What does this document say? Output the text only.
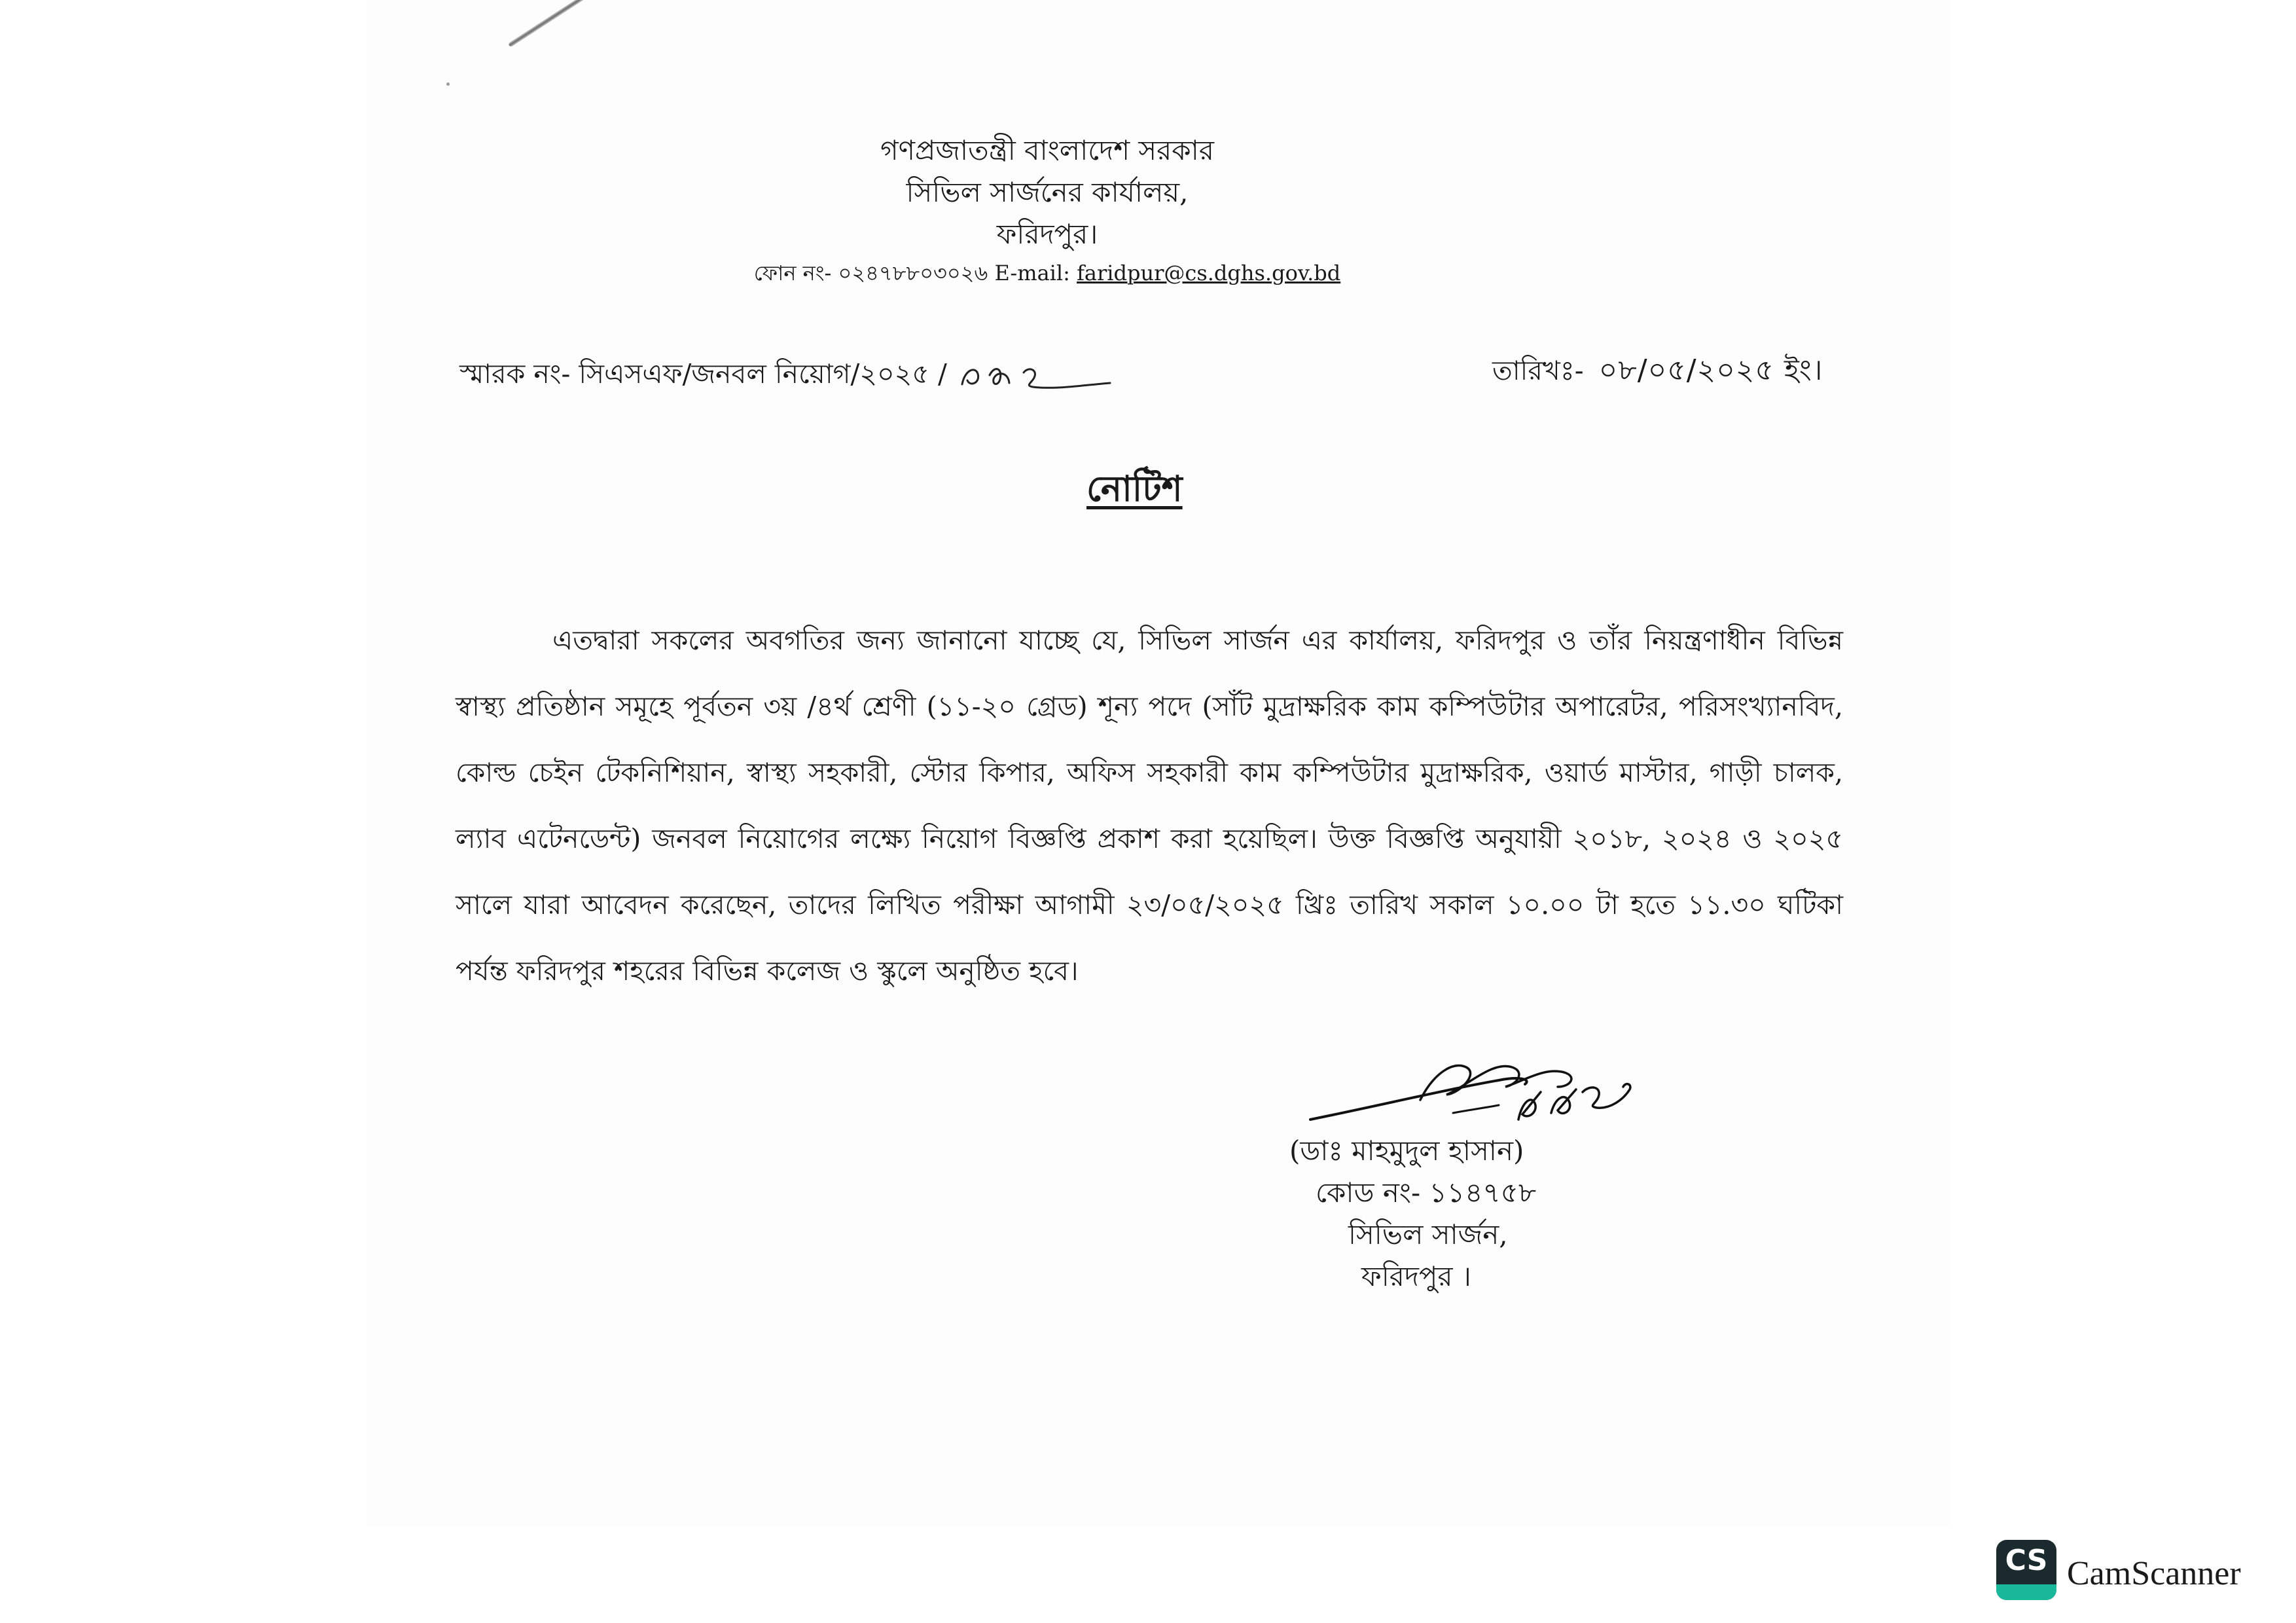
গণপ্রজাতন্ত্রী বাংলাদেশ সরকার
সিভিল সার্জনের কার্যালয়,
ফরিদপুর।
ফোন নং- ০২৪৭৮৮০৩০২৬ E-mail: faridpur@cs.dghs.gov.bd
স্মারক নং- সিএসএফ/জনবল নিয়োগ/২০২৫ /	তারিখঃ- ০৮/০৫/২০২৫ ইং।
নোটিশ
এতদ্বারা সকলের অবগতির জন্য জানানো যাচ্ছে যে, সিভিল সার্জন এর কার্যালয়, ফরিদপুর ও তাঁর নিয়ন্ত্রণাধীন বিভিন্ন স্বাস্থ্য প্রতিষ্ঠান সমূহে পূর্বতন ৩য় /৪র্থ শ্রেণী (১১-২০ গ্রেড) শূন্য পদে (সাঁট মুদ্রাক্ষরিক কাম কম্পিউটার অপারেটর, পরিসংখ্যানবিদ, কোল্ড চেইন টেকনিশিয়ান, স্বাস্থ্য সহকারী, স্টোর কিপার, অফিস সহকারী কাম কম্পিউটার মুদ্রাক্ষরিক, ওয়ার্ড মাস্টার, গাড়ী চালক, ল্যাব এটেনডেন্ট) জনবল নিয়োগের লক্ষ্যে নিয়োগ বিজ্ঞপ্তি প্রকাশ করা হয়েছিল। উক্ত বিজ্ঞপ্তি অনুযায়ী ২০১৮, ২০২৪ ও ২০২৫ সালে যারা আবেদন করেছেন, তাদের লিখিত পরীক্ষা আগামী ২৩/০৫/২০২৫ খ্রিঃ তারিখ সকাল ১০.০০ টা হতে ১১.৩০ ঘটিকা পর্যন্ত ফরিদপুর শহরের বিভিন্ন কলেজ ও স্কুলে অনুষ্ঠিত হবে।
(ডাঃ মাহমুদুল হাসান)
কোড নং- ১১৪৭৫৮
সিভিল সার্জন,
ফরিদপুর ।
CS CamScanner
